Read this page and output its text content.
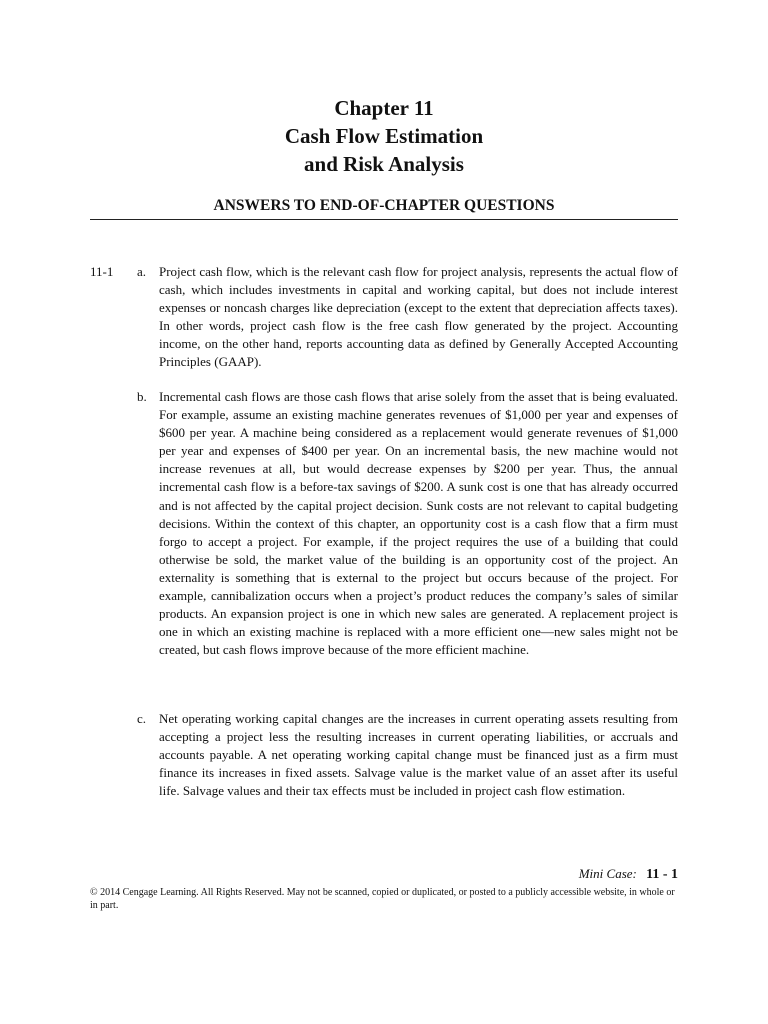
Chapter 11
Cash Flow Estimation
and Risk Analysis
ANSWERS TO END-OF-CHAPTER QUESTIONS
11-1 a. Project cash flow, which is the relevant cash flow for project analysis, represents the actual flow of cash, which includes investments in capital and working capital, but does not include interest expenses or noncash charges like depreciation (except to the extent that depreciation affects taxes). In other words, project cash flow is the free cash flow generated by the project. Accounting income, on the other hand, reports accounting data as defined by Generally Accepted Accounting Principles (GAAP).
b. Incremental cash flows are those cash flows that arise solely from the asset that is being evaluated. For example, assume an existing machine generates revenues of $1,000 per year and expenses of $600 per year. A machine being considered as a replacement would generate revenues of $1,000 per year and expenses of $400 per year. On an incremental basis, the new machine would not increase revenues at all, but would decrease expenses by $200 per year. Thus, the annual incremental cash flow is a before-tax savings of $200. A sunk cost is one that has already occurred and is not affected by the capital project decision. Sunk costs are not relevant to capital budgeting decisions. Within the context of this chapter, an opportunity cost is a cash flow that a firm must forgo to accept a project. For example, if the project requires the use of a building that could otherwise be sold, the market value of the building is an opportunity cost of the project. An externality is something that is external to the project but occurs because of the project. For example, cannibalization occurs when a project’s product reduces the company’s sales of similar products. An expansion project is one in which new sales are generated. A replacement project is one in which an existing machine is replaced with a more efficient one—new sales might not be created, but cash flows improve because of the more efficient machine.
c. Net operating working capital changes are the increases in current operating assets resulting from accepting a project less the resulting increases in current operating liabilities, or accruals and accounts payable. A net operating working capital change must be financed just as a firm must finance its increases in fixed assets. Salvage value is the market value of an asset after its useful life. Salvage values and their tax effects must be included in project cash flow estimation.
Mini Case: 11 - 1
© 2014 Cengage Learning. All Rights Reserved. May not be scanned, copied or duplicated, or posted to a publicly accessible website, in whole or in part.
